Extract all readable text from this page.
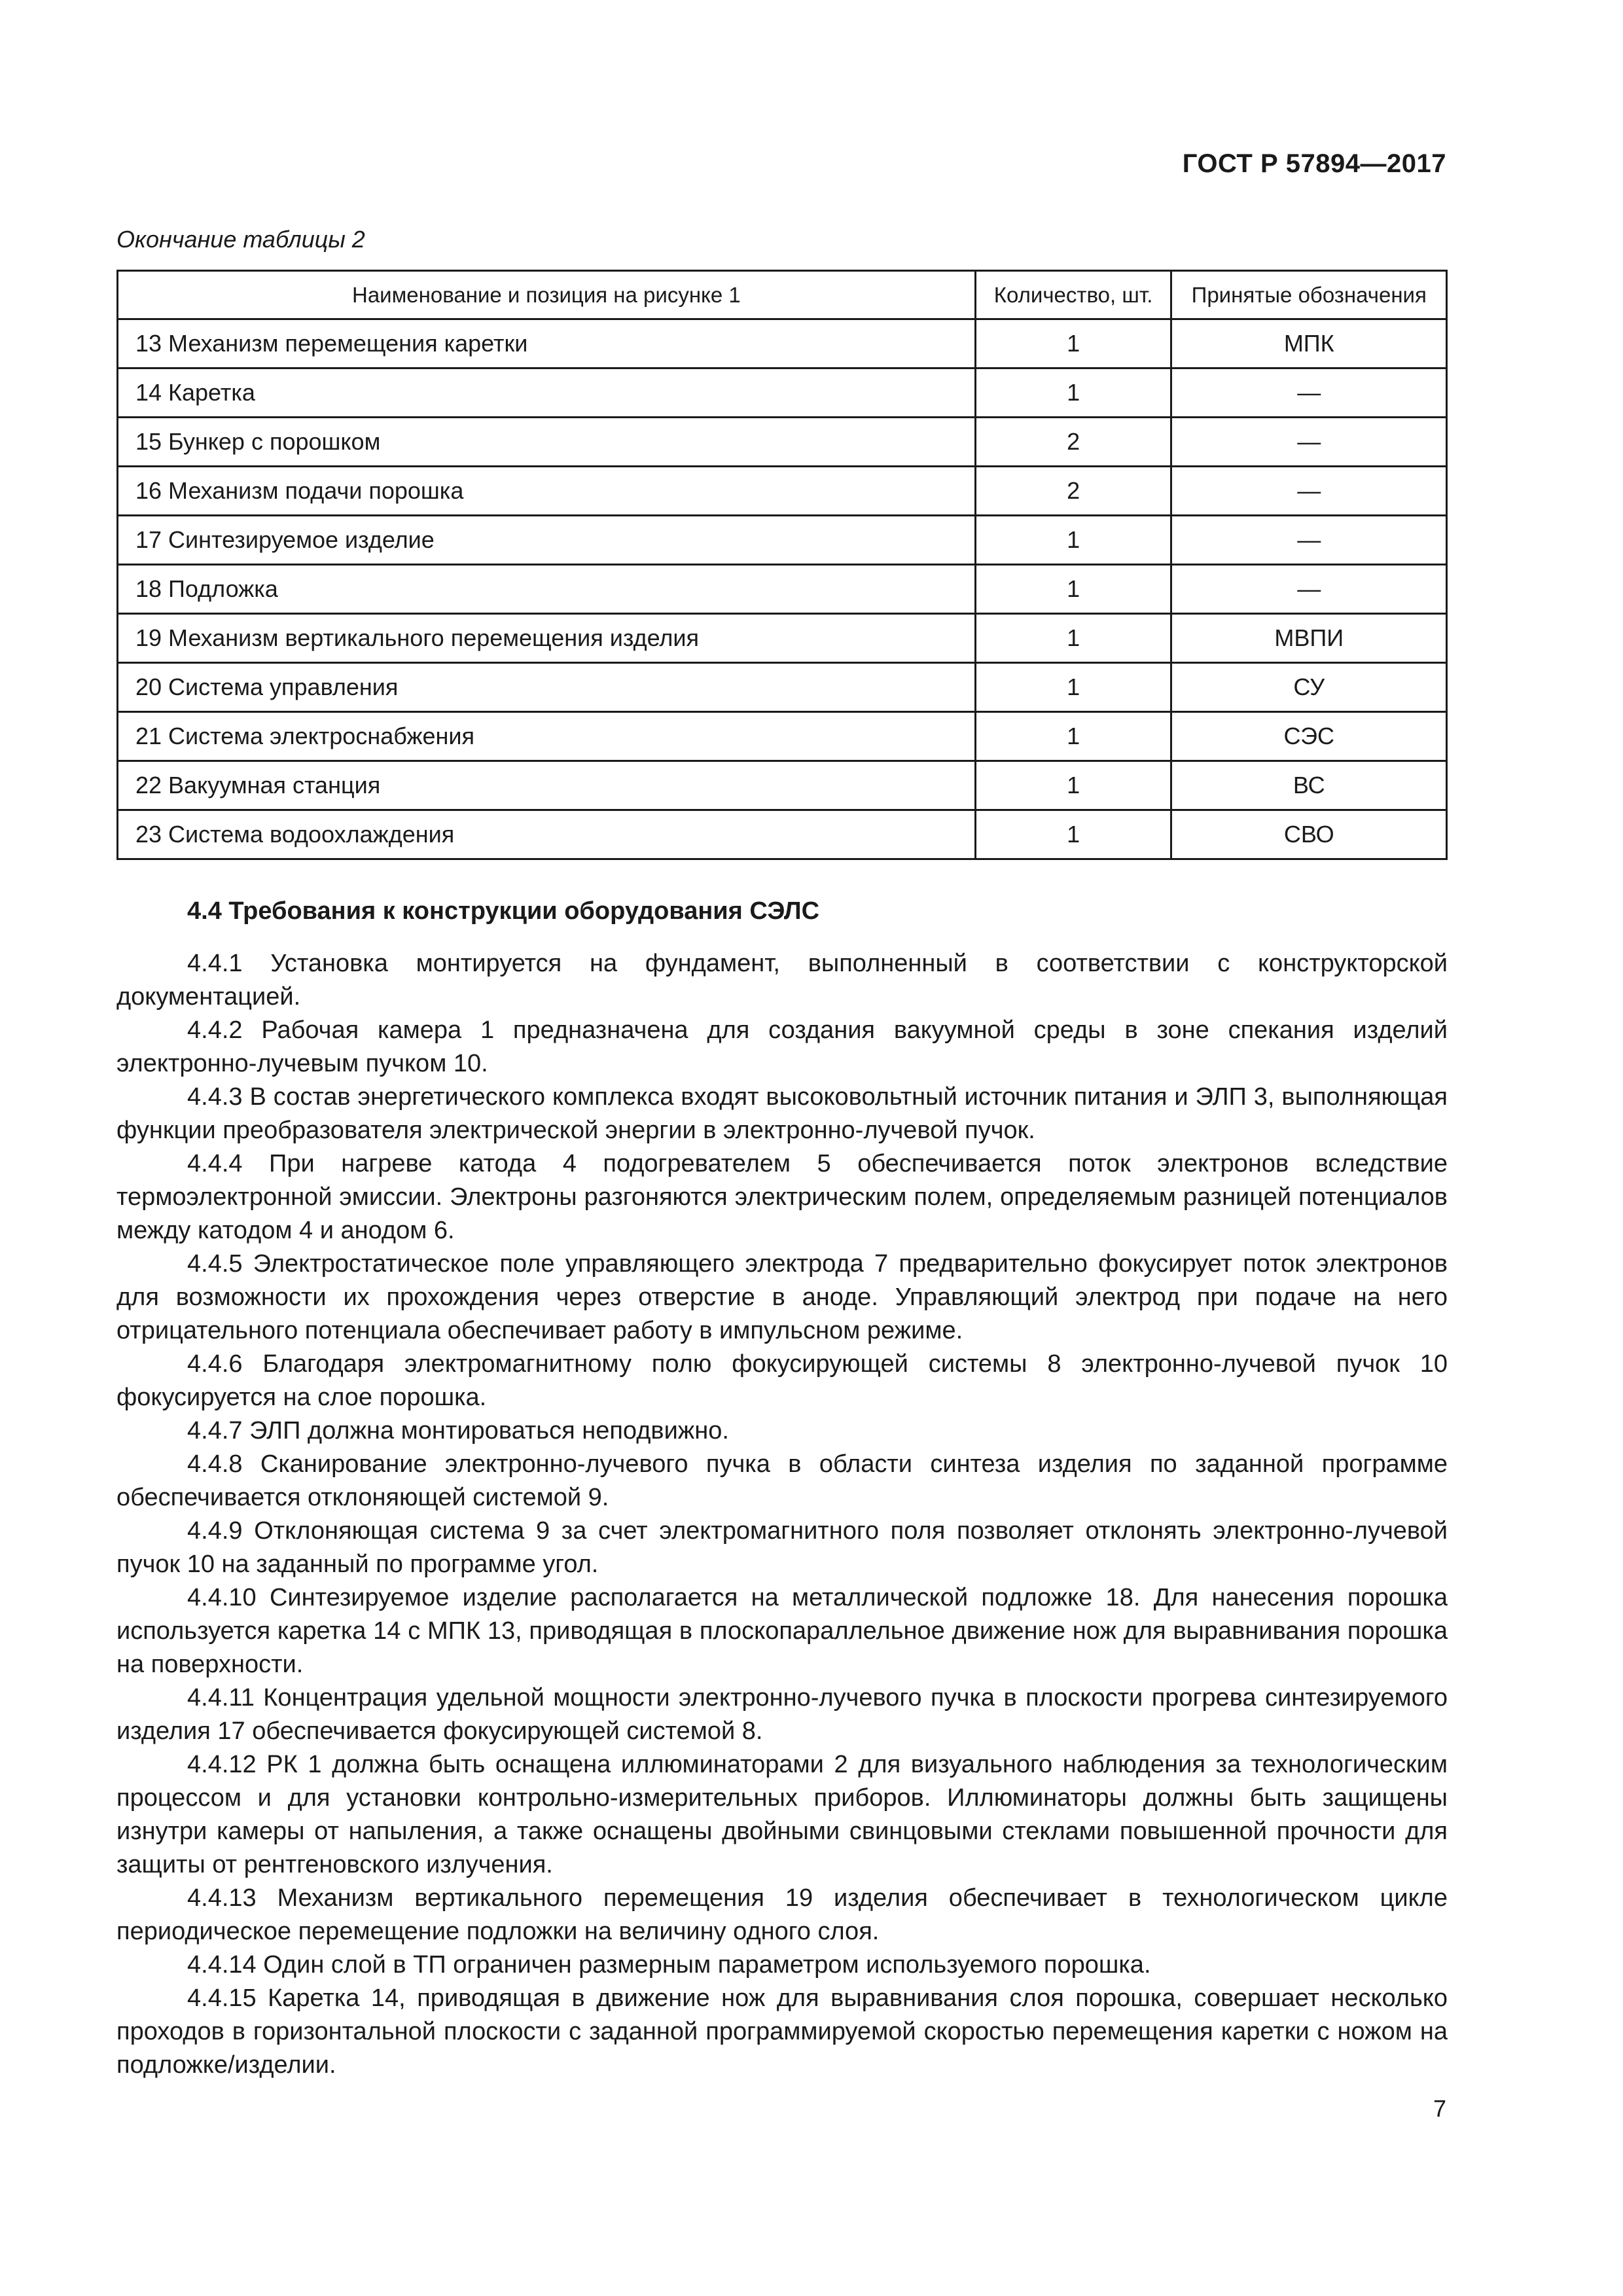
ГОСТ Р 57894—2017
Окончание таблицы 2
Наименование и позиция на рисунке 1	Количество, шт.	Принятые обозначения
13 Механизм перемещения каретки	1	МПК
14 Каретка	1	—
15 Бункер с порошком	2	—
16 Механизм подачи порошка	2	—
17 Синтезируемое изделие	1	—
18 Подложка	1	—
19 Механизм вертикального перемещения изделия	1	МВПИ
20 Система управления	1	СУ
21 Система электроснабжения	1	СЭС
22 Вакуумная станция	1	ВС
23 Система водоохлаждения	1	СВО

4.4 Требования к конструкции оборудования СЭЛС

4.4.1 Установка монтируется на фундамент, выполненный в соответствии с конструкторской документацией.

4.4.2 Рабочая камера 1 предназначена для создания вакуумной среды в зоне спекания изделий электронно-лучевым пучком 10.

4.4.3 В состав энергетического комплекса входят высоковольтный источник питания и ЭЛП 3, выполняющая функции преобразователя электрической энергии в электронно-лучевой пучок.

4.4.4 При нагреве катода 4 подогревателем 5 обеспечивается поток электронов вследствие термоэлектронной эмиссии. Электроны разгоняются электрическим полем, определяемым разницей потенциалов между катодом 4 и анодом 6.

4.4.5 Электростатическое поле управляющего электрода 7 предварительно фокусирует поток электронов для возможности их прохождения через отверстие в аноде. Управляющий электрод при подаче на него отрицательного потенциала обеспечивает работу в импульсном режиме.

4.4.6 Благодаря электромагнитному полю фокусирующей системы 8 электронно-лучевой пучок 10 фокусируется на слое порошка.

4.4.7 ЭЛП должна монтироваться неподвижно.

4.4.8 Сканирование электронно-лучевого пучка в области синтеза изделия по заданной программе обеспечивается отклоняющей системой 9.

4.4.9 Отклоняющая система 9 за счет электромагнитного поля позволяет отклонять электронно-лучевой пучок 10 на заданный по программе угол.

4.4.10 Синтезируемое изделие располагается на металлической подложке 18. Для нанесения порошка используется каретка 14 с МПК 13, приводящая в плоскопараллельное движение нож для выравнивания порошка на поверхности.

4.4.11 Концентрация удельной мощности электронно-лучевого пучка в плоскости прогрева синтезируемого изделия 17 обеспечивается фокусирующей системой 8.

4.4.12 РК 1 должна быть оснащена иллюминаторами 2 для визуального наблюдения за технологическим процессом и для установки контрольно-измерительных приборов. Иллюминаторы должны быть защищены изнутри камеры от напыления, а также оснащены двойными свинцовыми стеклами повышенной прочности для защиты от рентгеновского излучения.

4.4.13 Механизм вертикального перемещения 19 изделия обеспечивает в технологическом цикле периодическое перемещение подложки на величину одного слоя.

4.4.14 Один слой в ТП ограничен размерным параметром используемого порошка.

4.4.15 Каретка 14, приводящая в движение нож для выравнивания слоя порошка, совершает несколько проходов в горизонтальной плоскости с заданной программируемой скоростью перемещения каретки с ножом на подложке/изделии.

7
